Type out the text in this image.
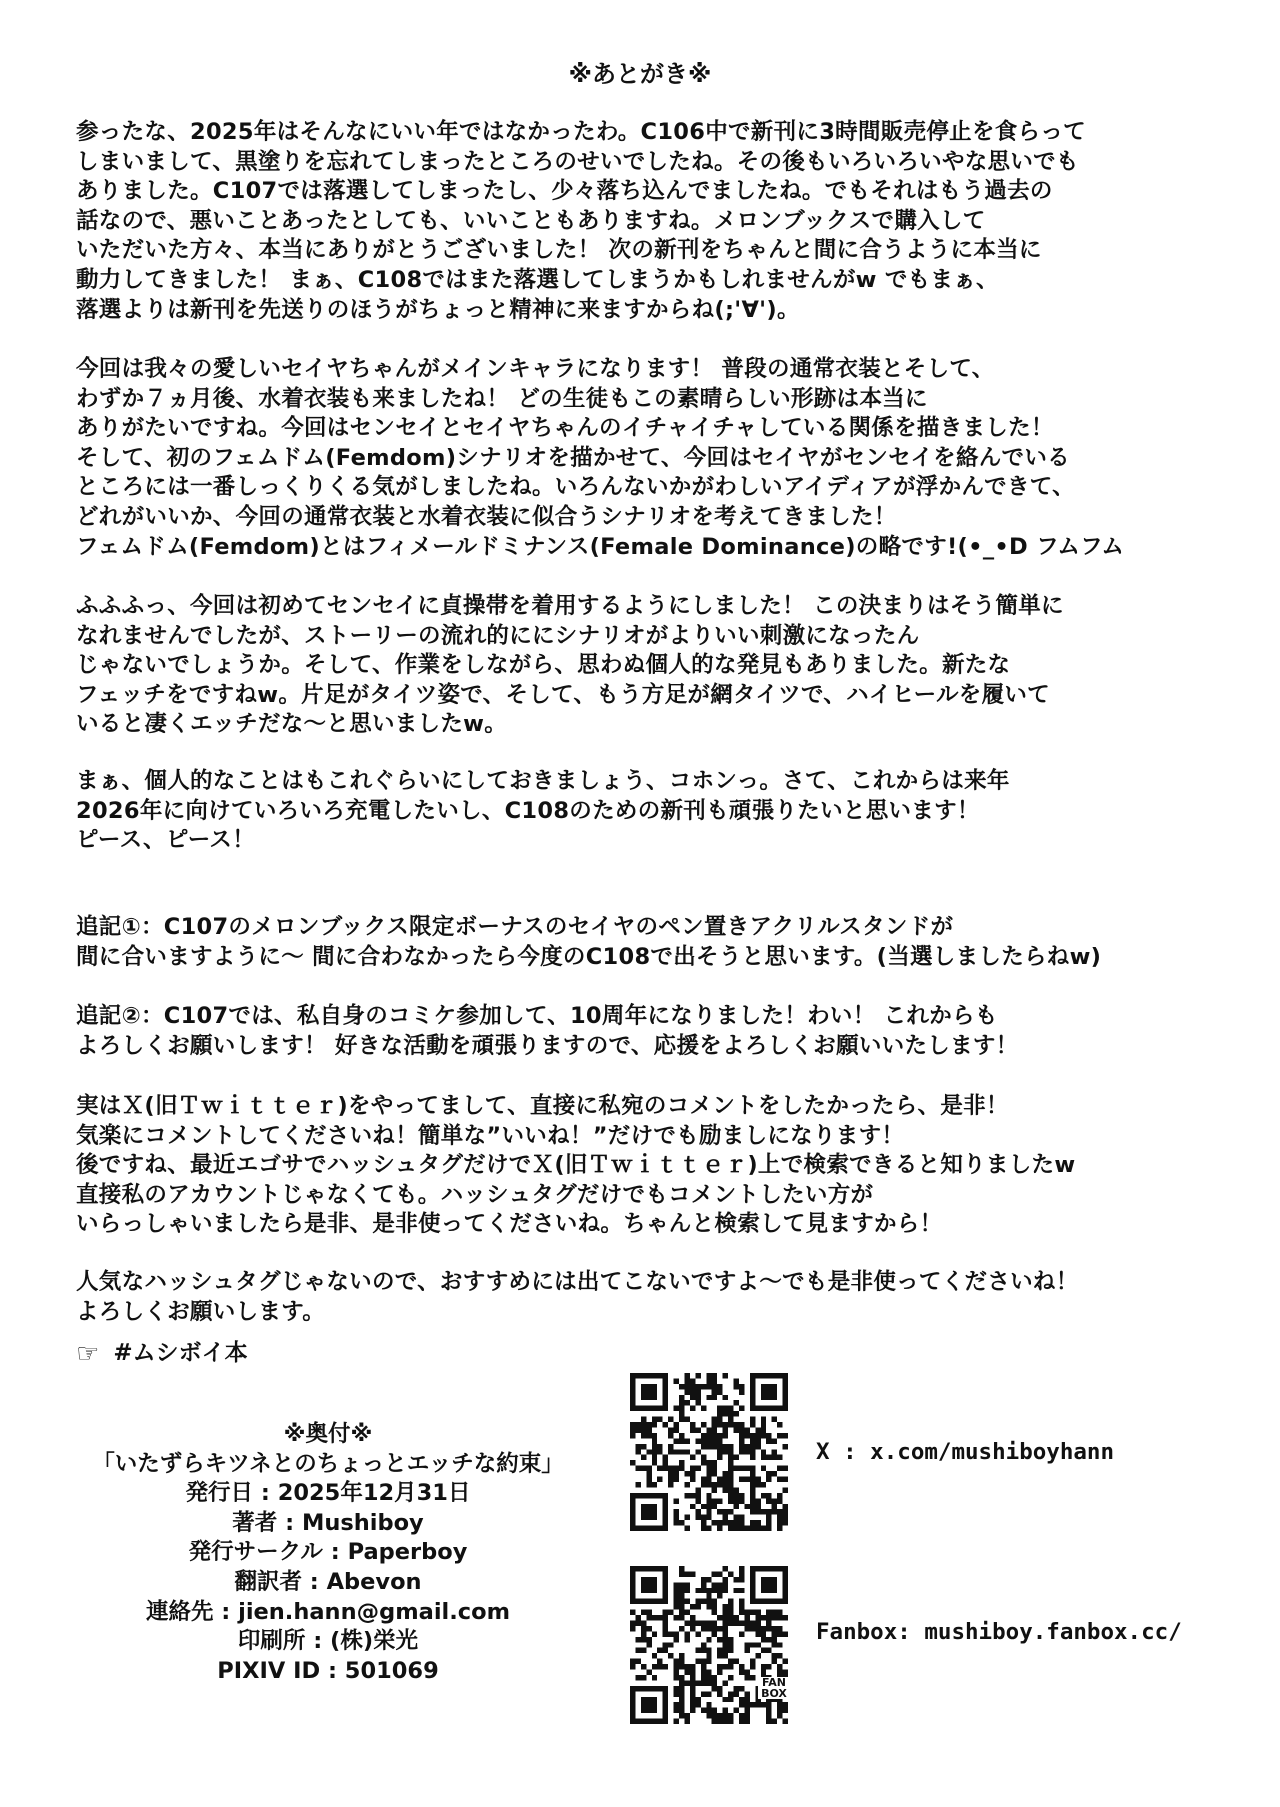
※あとがき※

参ったな、2025年はそんなにいい年ではなかったわ。C106中で新刊に3時間販売停止を食らって
しまいまして、黒塗りを忘れてしまったところのせいでしたね。その後もいろいろいやな思いでも
ありました。C107では落選してしまったし、少々落ち込んでましたね。でもそれはもう過去の
話なので、悪いことあったとしても、いいこともありますね。メロンブックスで購入して
いただいた方々、本当にありがとうございました！ 次の新刊をちゃんと間に合うように本当に
動力してきました！ まぁ、C108ではまた落選してしまうかもしれませんがw でもまぁ、
落選よりは新刊を先送りのほうがちょっと精神に来ますからね(;'∀')。

今回は我々の愛しいセイヤちゃんがメインキャラになります！ 普段の通常衣装とそして、
わずか７ヵ月後、水着衣装も来ましたね！ どの生徒もこの素晴らしい形跡は本当に
ありがたいですね。今回はセンセイとセイヤちゃんのイチャイチャしている関係を描きました！
そして、初のフェムドム(Femdom)シナリオを描かせて、今回はセイヤがセンセイを絡んでいる
ところには一番しっくりくる気がしましたね。いろんないかがわしいアイディアが浮かんできて、
どれがいいか、今回の通常衣装と水着衣装に似合うシナリオを考えてきました！
フェムドム(Femdom)とはフィメールドミナンス(Female Dominance)の略です!(•_•D フムフム

ふふふっ、今回は初めてセンセイに貞操帯を着用するようにしました！ この決まりはそう簡単に
なれませんでしたが、ストーリーの流れ的ににシナリオがよりいい刺激になったん
じゃないでしょうか。そして、作業をしながら、思わぬ個人的な発見もありました。新たな
フェッチをですねw。片足がタイツ姿で、そして、もう方足が網タイツで、ハイヒールを履いて
いると凄くエッチだな～と思いましたw。

まぁ、個人的なことはもこれぐらいにしておきましょう、コホンっ。さて、これからは来年
2026年に向けていろいろ充電したいし、C108のための新刊も頑張りたいと思います！
ピース、ピース！

追記①：C107のメロンブックス限定ボーナスのセイヤのペン置きアクリルスタンドが
間に合いますように～ 間に合わなかったら今度のC108で出そうと思います。(当選しましたらねw)

追記②：C107では、私自身のコミケ参加して、10周年になりました！わい！ これからも
よろしくお願いします！ 好きな活動を頑張りますので、応援をよろしくお願いいたします！

実はＸ(旧Ｔｗｉｔｔｅｒ)をやってまして、直接に私宛のコメントをしたかったら、是非！
気楽にコメントしてくださいね！簡単な”いいね！”だけでも励ましになります！
後ですね、最近エゴサでハッシュタグだけでＸ(旧Ｔｗｉｔｔｅｒ)上で検索できると知りましたw
直接私のアカウントじゃなくても。ハッシュタグだけでもコメントしたい方が
いらっしゃいましたら是非、是非使ってくださいね。ちゃんと検索して見ますから！

人気なハッシュタグじゃないので、おすすめには出てこないですよ～でも是非使ってくださいね！
よろしくお願いします。

☞ #ムシボイ本
※奥付※
「いたずらキツネとのちょっとエッチな約束」
発行日 : 2025年12月31日
著者 : Mushiboy
発行サークル : Paperboy
翻訳者 : Abevon
連絡先 : jien.hann@gmail.com
印刷所 : (株)栄光
PIXIV ID : 501069	FAN
BOX
X : x.com/mushiboyhann
Fanbox: mushiboy.fanbox.cc/
